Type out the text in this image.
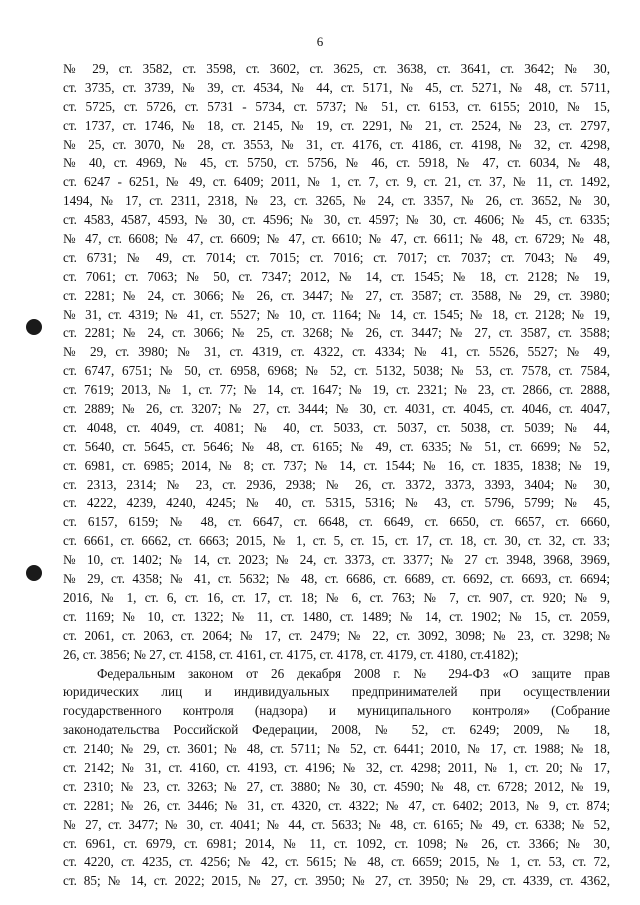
6
№ 29, ст. 3582, ст. 3598, ст. 3602, ст. 3625, ст. 3638, ст. 3641, ст. 3642; № 30,
ст. 3735, ст. 3739, № 39, ст. 4534, № 44, ст. 5171, № 45, ст. 5271, № 48, ст. 5711,
ст. 5725, ст. 5726, ст. 5731 - 5734, ст. 5737; № 51, ст. 6153, ст. 6155; 2010, № 15,
ст. 1737, ст. 1746, № 18, ст. 2145, № 19, ст. 2291, № 21, ст. 2524, № 23, ст. 2797,
№ 25, ст. 3070, № 28, ст. 3553, № 31, ст. 4176, ст. 4186, ст. 4198, № 32, ст. 4298,
№ 40, ст. 4969, № 45, ст. 5750, ст. 5756, № 46, ст. 5918, № 47, ст. 6034, № 48,
ст. 6247 - 6251, № 49, ст. 6409; 2011, № 1, ст. 7, ст. 9, ст. 21, ст. 37, № 11, ст. 1492,
1494, № 17, ст. 2311, 2318, № 23, ст. 3265, № 24, ст. 3357, № 26, ст. 3652, № 30,
ст. 4583, 4587, 4593, № 30, ст. 4596; № 30, ст. 4597; № 30, ст. 4606; № 45, ст. 6335;
№ 47, ст. 6608; № 47, ст. 6609; № 47, ст. 6610; № 47, ст. 6611; № 48, ст. 6729; № 48,
ст. 6731; № 49, ст. 7014; ст. 7015; ст. 7016; ст. 7017; ст. 7037; ст. 7043; № 49,
ст. 7061; ст. 7063; № 50, ст. 7347; 2012, № 14, ст. 1545; № 18, ст. 2128; № 19,
ст. 2281; № 24, ст. 3066; № 26, ст. 3447; № 27, ст. 3587; ст. 3588, № 29, ст. 3980;
№ 31, ст. 4319; № 41, ст. 5527; № 10, ст. 1164; № 14, ст. 1545; № 18, ст. 2128; № 19,
ст. 2281; № 24, ст. 3066; № 25, ст. 3268; № 26, ст. 3447; № 27, ст. 3587, ст. 3588;
№ 29, ст. 3980; № 31, ст. 4319, ст. 4322, ст. 4334; № 41, ст. 5526, 5527; № 49,
ст. 6747, 6751; № 50, ст. 6958, 6968; № 52, ст. 5132, 5038; № 53, ст. 7578, ст. 7584,
ст. 7619; 2013, № 1, ст. 77; № 14, ст. 1647; № 19, ст. 2321; № 23, ст. 2866, ст. 2888,
ст. 2889; № 26, ст. 3207; № 27, ст. 3444; № 30, ст. 4031, ст. 4045, ст. 4046, ст. 4047,
ст. 4048, ст. 4049, ст. 4081; № 40, ст. 5033, ст. 5037, ст. 5038, ст. 5039; № 44,
ст. 5640, ст. 5645, ст. 5646; № 48, ст. 6165; № 49, ст. 6335; № 51, ст. 6699; № 52,
ст. 6981, ст. 6985; 2014, № 8; ст. 737; № 14, ст. 1544; № 16, ст. 1835, 1838; № 19,
ст. 2313, 2314; № 23, ст. 2936, 2938; № 26, ст. 3372, 3373, 3393, 3404; № 30,
ст. 4222, 4239, 4240, 4245; № 40, ст. 5315, 5316; № 43, ст. 5796, 5799; № 45,
ст. 6157, 6159; № 48, ст. 6647, ст. 6648, ст. 6649, ст. 6650, ст. 6657, ст. 6660,
ст. 6661, ст. 6662, ст. 6663; 2015, № 1, ст. 5, ст. 15, ст. 17, ст. 18, ст. 30, ст. 32, ст. 33;
№ 10, ст. 1402; № 14, ст. 2023; № 24, ст. 3373, ст. 3377; № 27 ст. 3948, 3968, 3969,
№ 29, ст. 4358; № 41, ст. 5632; № 48, ст. 6686, ст. 6689, ст. 6692, ст. 6693, ст. 6694;
2016, № 1, ст. 6, ст. 16, ст. 17, ст. 18; № 6, ст. 763; № 7, ст. 907, ст. 920; № 9,
ст. 1169; № 10, ст. 1322; № 11, ст. 1480, ст. 1489; № 14, ст. 1902; № 15, ст. 2059,
ст. 2061, ст. 2063, ст. 2064; № 17, ст. 2479; № 22, ст. 3092, 3098; № 23, ст. 3298;№
26, ст. 3856; № 27, ст. 4158, ст. 4161, ст. 4175, ст. 4178, ст. 4179, ст. 4180, ст.4182);
Федеральным законом от 26 декабря 2008 г. № 294-ФЗ «О защите прав
юридических лиц и индивидуальных предпринимателей при осуществлении
государственного контроля (надзора) и муниципального контроля» (Собрание
законодательства Российской Федерации, 2008, № 52, ст. 6249; 2009, № 18,
ст. 2140; № 29, ст. 3601; № 48, ст. 5711; № 52, ст. 6441; 2010, № 17, ст. 1988; № 18,
ст. 2142; № 31, ст. 4160, ст. 4193, ст. 4196; № 32, ст. 4298; 2011, № 1, ст. 20; № 17,
ст. 2310; № 23, ст. 3263; № 27, ст. 3880; № 30, ст. 4590; № 48, ст. 6728; 2012, № 19,
ст. 2281; № 26, ст. 3446; № 31, ст. 4320, ст. 4322; № 47, ст. 6402; 2013, № 9, ст. 874;
№ 27, ст. 3477; № 30, ст. 4041; № 44, ст. 5633; № 48, ст. 6165; № 49, ст. 6338; № 52,
ст. 6961, ст. 6979, ст. 6981; 2014, № 11, ст. 1092, ст. 1098; № 26, ст. 3366; № 30,
ст. 4220, ст. 4235, ст. 4256; № 42, ст. 5615; № 48, ст. 6659; 2015, № 1, ст. 53, ст. 72,
ст. 85; № 14, ст. 2022; 2015, № 27, ст. 3950; № 27, ст. 3950; № 29, ст. 4339, ст. 4362,
